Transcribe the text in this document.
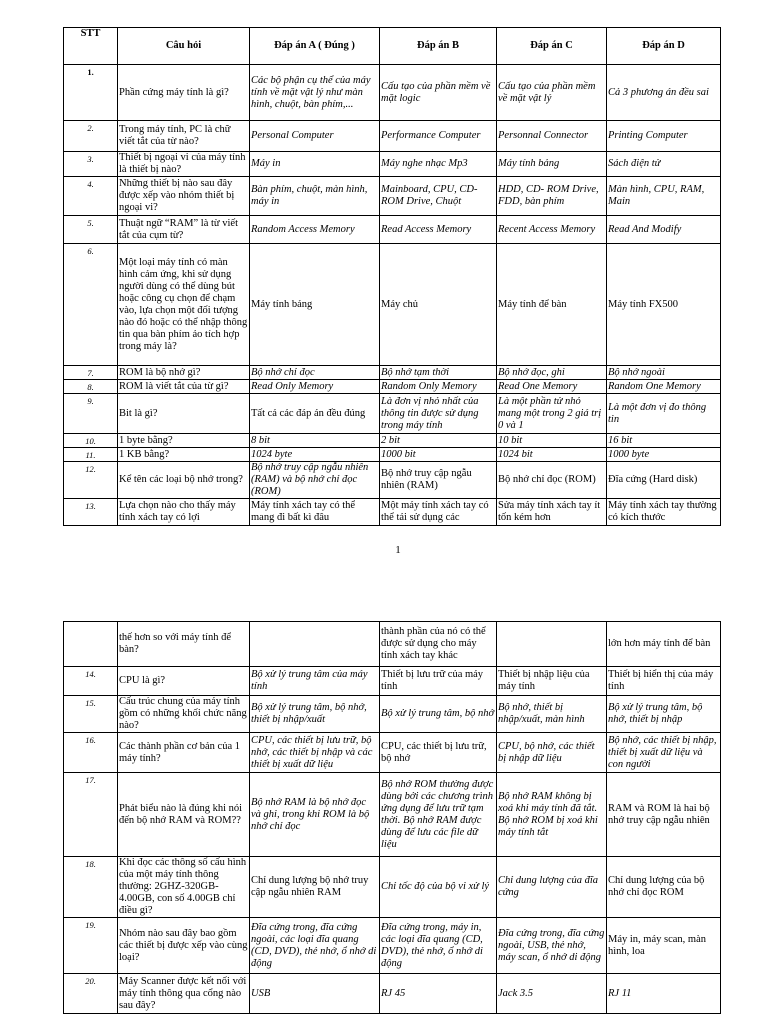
STT	Câu hỏi	Đáp án A ( Đúng )	Đáp án B	Đáp án C	Đáp án D
1.	Phần cứng máy tính là gì?	Các bộ phận cụ thể của máy tính về mặt vật lý như màn hình, chuột, bàn phím,...	Cấu tạo của phần mềm về mặt logic	Cấu tạo của phần mềm về mặt vật lý	Cả 3 phương án đều sai
2.	Trong máy tính, PC là chữ viết tắt của từ nào?	Personal Computer	Performance Computer	Personnal Connector	Printing Computer
3.	Thiết bị ngoại vi của máy tính là thiết bị nào?	Máy in	Máy nghe nhạc Mp3	Máy tính bảng	Sách điện tử
4.	Những thiết bị nào sau đây được xếp vào nhóm thiết bị ngoại vi?	Bàn phím, chuột, màn hình, máy in	Mainboard, CPU, CD-ROM Drive, Chuột	HDD, CD- ROM Drive, FDD, bàn phím	Màn hình, CPU, RAM, Main
5.	Thuật ngữ “RAM” là từ viết tắt của cụm từ?	Random Access Memory	Read Access Memory	Recent Access Memory	Read And Modify
6.	Một loại máy tính có màn hình cảm ứng, khi sử dụng người dùng có thể dùng bút hoặc công cụ chọn để chạm vào, lựa chọn một đối tượng nào đó hoặc có thể nhập thông tin qua bàn phím ảo tích hợp trong máy là?	Máy tính bảng	Máy chủ	Máy tính để bàn	Máy tính FX500
7.	ROM là bộ nhớ gì?	Bộ nhớ chỉ đọc	Bộ nhớ tạm thời	Bộ nhớ đọc, ghi	Bộ nhớ ngoài
8.	ROM là viết tắt của từ gì?	Read Only Memory	Random Only Memory	Read One Memory	Random One Memory
9.	Bit là gì?	Tất cả các đáp án đều đúng	Là đơn vị nhỏ nhất của thông tin được sử dụng trong máy tính	Là một phần tử nhỏ mang một trong 2 giá trị 0 và 1	Là một đơn vị đo thông tin
10.	1 byte bằng?	8 bit	2 bit	10 bit	16 bit
11.	1 KB bằng?	1024 byte	1000 bit	1024 bit	1000 byte
12.	Kể tên các loại bộ nhớ trong?	Bộ nhớ truy cập ngẫu nhiên (RAM) và bộ nhớ chỉ đọc (ROM)	Bộ nhớ truy cập ngẫu nhiên (RAM)	Bộ nhớ chỉ đọc (ROM)	Đĩa cứng (Hard disk)
13.	Lựa chọn nào cho thấy máy tính xách tay có lợi	Máy tính xách tay có thể mang đi bất kì đâu	Một máy tính xách tay có thể tải sử dụng các	Sửa máy tính xách tay ít tốn kém hơn	Máy tính xách tay thường có kích thước
1
	thế hơn so với máy tính để bàn?		thành phần của nó có thể được sử dụng cho máy tính xách tay khác		lớn hơn máy tính để bàn
14.	CPU là gì?	Bộ xử lý trung tâm của máy tính	Thiết bị lưu trữ của máy tính	Thiết bị nhập liệu của máy tính	Thiết bị hiển thị của máy tính
15.	Cấu trúc chung của máy tính gồm có những khối chức năng nào?	Bộ xử lý trung tâm, bộ nhớ, thiết bị nhập/xuất	Bộ xử lý trung tâm, bộ nhớ	Bộ nhớ, thiết bị nhập/xuất, màn hình	Bộ xử lý trung tâm, bộ nhớ, thiết bị nhập
16.	Các thành phần cơ bản của 1 máy tính?	CPU, các thiết bị lưu trữ, bộ nhớ, các thiết bị nhập và các thiết bị xuất dữ liệu	CPU, các thiết bị lưu trữ, bộ nhớ	CPU, bộ nhớ, các thiết bị nhập dữ liệu	Bộ nhớ, các thiết bị nhập, thiết bị xuất dữ liệu và con người
17.	Phát biểu nào là đúng khi nói đến bộ nhớ RAM và ROM??	Bộ nhớ RAM là bộ nhớ đọc và ghi, trong khi ROM là bộ nhớ chỉ đọc	Bộ nhớ ROM thường được dùng bởi các chương trình ứng dụng để lưu trữ tạm thời. Bộ nhớ RAM được dùng để lưu các file dữ liệu	Bộ nhớ RAM không bị xoá khi máy tính đã tắt. Bộ nhớ ROM bị xoá khi máy tính tắt	RAM và ROM là hai bộ nhớ truy cập ngẫu nhiên
18.	Khi đọc các thông số cấu hình của một máy tính thông thường: 2GHZ-320GB-4.00GB, con số 4.00GB chỉ điều gì?	Chỉ dung lượng bộ nhớ truy cập ngẫu nhiên RAM	Chỉ tốc độ của bộ vi xử lý	Chỉ dung lượng của đĩa cứng	Chỉ dung lượng của bộ nhớ chỉ đọc ROM
19.	Nhóm nào sau đây bao gồm các thiết bị được xếp vào cùng loại?	Đĩa cứng trong, đĩa cứng ngoài, các loại đĩa quang (CD, DVD), thẻ nhớ, ổ nhớ di động	Đĩa cứng trong, máy in, các loại đĩa quang (CD, DVD), thẻ nhớ, ổ nhớ di động	Đĩa cứng trong, đĩa cứng ngoài, USB, thẻ nhớ, máy scan, ổ nhớ di động	Máy in, máy scan, màn hình, loa
20.	Máy Scanner được kết nối với máy tính thông qua cổng nào sau đây?	USB	RJ 45	Jack 3.5	RJ 11
